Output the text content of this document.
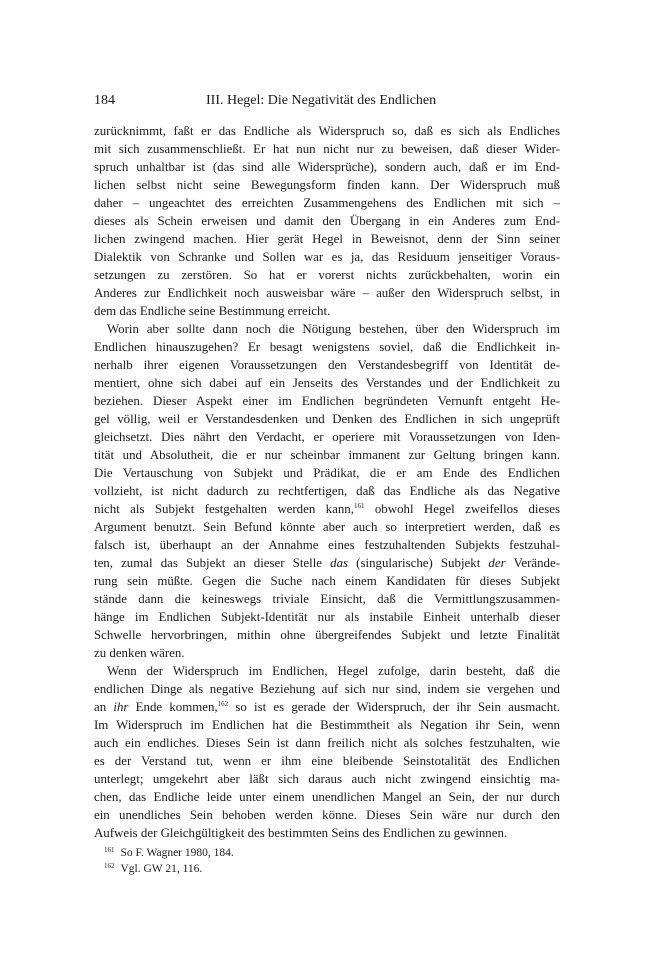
184	III. Hegel: Die Negativität des Endlichen
zurücknimmt, faßt er das Endliche als Widerspruch so, daß es sich als Endliches
mit sich zusammenschließt. Er hat nun nicht nur zu beweisen, daß dieser Wider-
spruch unhaltbar ist (das sind alle Widersprüche), sondern auch, daß er im End-
lichen selbst nicht seine Bewegungsform finden kann. Der Widerspruch muß
daher – ungeachtet des erreichten Zusammengehens des Endlichen mit sich –
dieses als Schein erweisen und damit den Übergang in ein Anderes zum End-
lichen zwingend machen. Hier gerät Hegel in Beweisnot, denn der Sinn seiner
Dialektik von Schranke und Sollen war es ja, das Residuum jenseitiger Voraus-
setzungen zu zerstören. So hat er vorerst nichts zurückbehalten, worin ein
Anderes zur Endlichkeit noch ausweisbar wäre – außer den Widerspruch selbst, in
dem das Endliche seine Bestimmung erreicht.
Worin aber sollte dann noch die Nötigung bestehen, über den Widerspruch im
Endlichen hinauszugehen? Er besagt wenigstens soviel, daß die Endlichkeit in-
nerhalb ihrer eigenen Voraussetzungen den Verstandesbegriff von Identität de-
mentiert, ohne sich dabei auf ein Jenseits des Verstandes und der Endlichkeit zu
beziehen. Dieser Aspekt einer im Endlichen begründeten Vernunft entgeht He-
gel völlig, weil er Verstandesdenken und Denken des Endlichen in sich ungeprüft
gleichsetzt. Dies nährt den Verdacht, er operiere mit Voraussetzungen von Iden-
tität und Absolutheit, die er nur scheinbar immanent zur Geltung bringen kann.
Die Vertauschung von Subjekt und Prädikat, die er am Ende des Endlichen
vollzieht, ist nicht dadurch zu rechtfertigen, daß das Endliche als das Negative
nicht als Subjekt festgehalten werden kann,$^{161}$ obwohl Hegel zweifellos dieses
Argument benutzt. Sein Befund könnte aber auch so interpretiert werden, daß es
falsch ist, überhaupt an der Annahme eines festzuhaltenden Subjekts festzuhal-
ten, zumal das Subjekt an dieser Stelle das (singularische) Subjekt der Verände-
rung sein müßte. Gegen die Suche nach einem Kandidaten für dieses Subjekt
stände dann die keineswegs triviale Einsicht, daß die Vermittlungszusammen-
hänge im Endlichen Subjekt-Identität nur als instabile Einheit unterhalb dieser
Schwelle hervorbringen, mithin ohne übergreifendes Subjekt und letzte Finalität
zu denken wären.
Wenn der Widerspruch im Endlichen, Hegel zufolge, darin besteht, daß die
endlichen Dinge als negative Beziehung auf sich nur sind, indem sie vergehen und
an ihr Ende kommen,$^{162}$ so ist es gerade der Widerspruch, der ihr Sein ausmacht.
Im Widerspruch im Endlichen hat die Bestimmtheit als Negation ihr Sein, wenn
auch ein endliches. Dieses Sein ist dann freilich nicht als solches festzuhalten, wie
es der Verstand tut, wenn er ihm eine bleibende Seinstotalität des Endlichen
unterlegt; umgekehrt aber läßt sich daraus auch nicht zwingend einsichtig ma-
chen, das Endliche leide unter einem unendlichen Mangel an Sein, der nur durch
ein unendliches Sein behoben werden könne. Dieses Sein wäre nur durch den
Aufweis der Gleichgültigkeit des bestimmten Seins des Endlichen zu gewinnen.
$^{161}$ So F. Wagner 1980, 184.
$^{162}$ Vgl. GW 21, 116.
